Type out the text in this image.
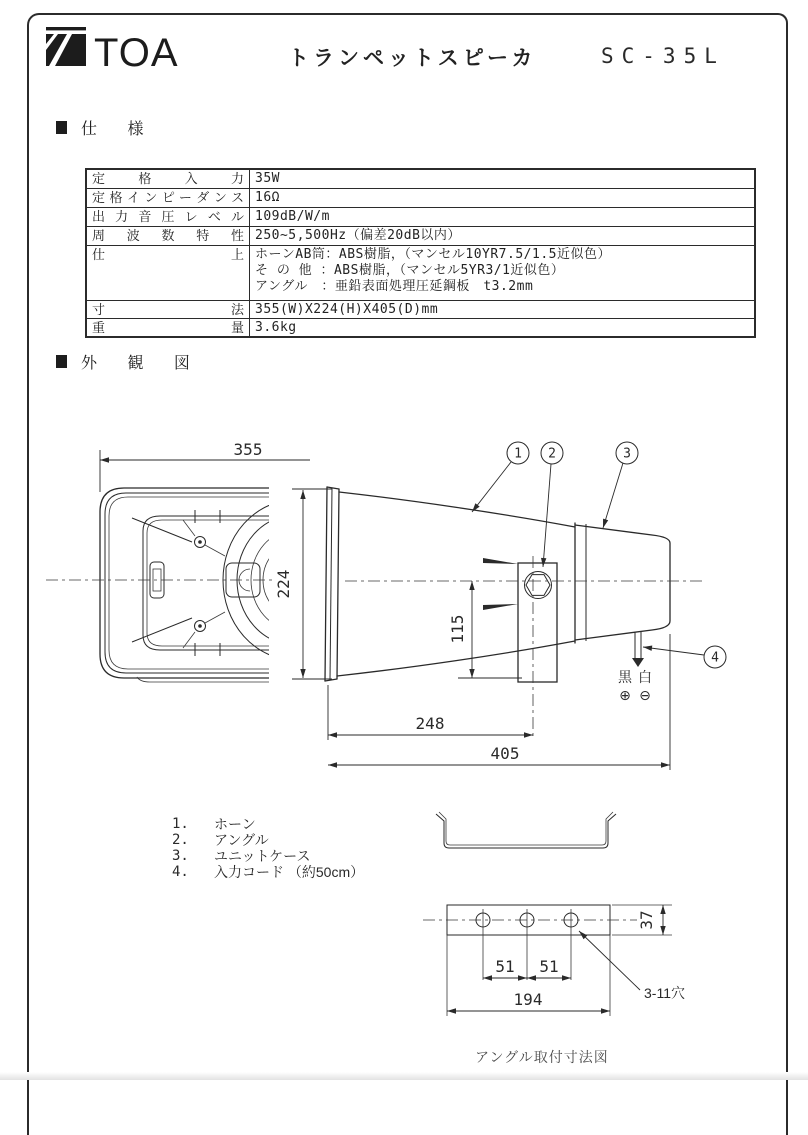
TOA	トランペットスピーカ	SC-35L
仕 様
定格入力	35W
定格インピーダンス	16Ω
出力音圧レベル	109dB/W/m
周波数特性	250~5,500Hz（偏差20dB以内）
仕上	ホーンAB筒：ABS樹脂，（マンセル10YR7.5/1.5近似色）
そ の 他 ：ABS樹脂，（マンセル5YR3/1近似色）
アングル　：亜鉛表面処理圧延鋼板　t3.2mm

寸法	355(W)X224(H)X405(D)mm
重量	3.6kg
外 観 図
355
224
黒 白
⊕ ⊖
115
248
405
1 2	3
4
37
51 51
194	3-11穴
アングル取付寸法図
1.	ホーン
2.	アングル
3.	ユニットケース
4.	入力コード （約50cm）
